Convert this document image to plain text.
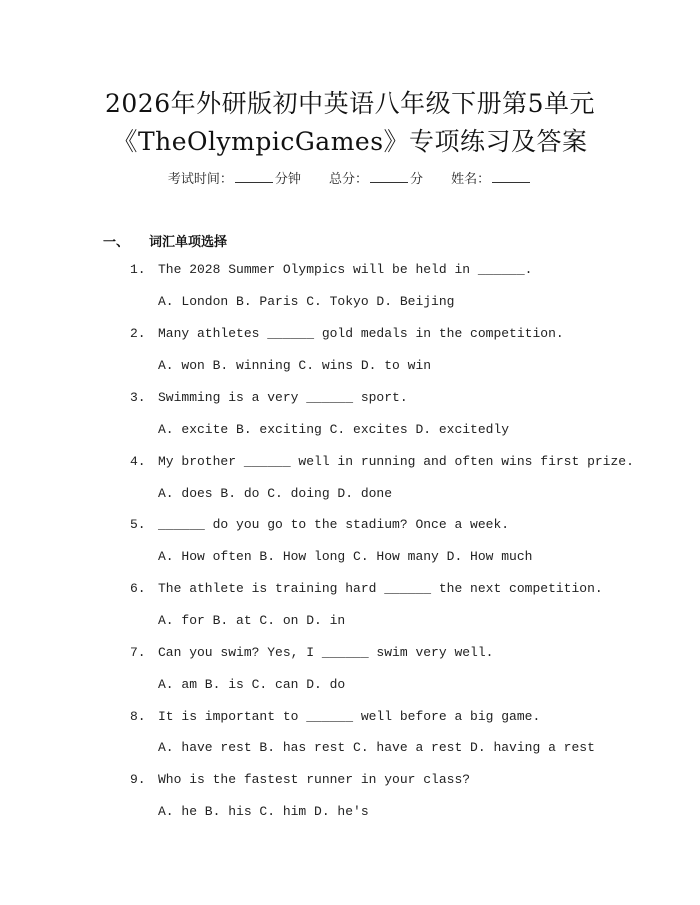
2026年外研版初中英语八年级下册第5单元
《TheOlympicGames》专项练习及答案
考试时间：	分钟 总分：	分 姓名：
一、 词汇单项选择
1. The 2028 Summer Olympics will be held in ______.
A. London B. Paris C. Tokyo D. Beijing
2. Many athletes ______ gold medals in the competition.
A. won B. winning C. wins D. to win
3. Swimming is a very ______ sport.
A. excite B. exciting C. excites D. excitedly
4. My brother ______ well in running and often wins first prize.
A. does B. do C. doing D. done
5. ______ do you go to the stadium? Once a week.
A. How often B. How long C. How many D. How much
6. The athlete is training hard ______ the next competition.
A. for B. at C. on D. in
7. Can you swim? Yes, I ______ swim very well.
A. am B. is C. can D. do
8. It is important to ______ well before a big game.
A. have rest B. has rest C. have a rest D. having a rest
9. Who is the fastest runner in your class?
A. he B. his C. him D. he's
